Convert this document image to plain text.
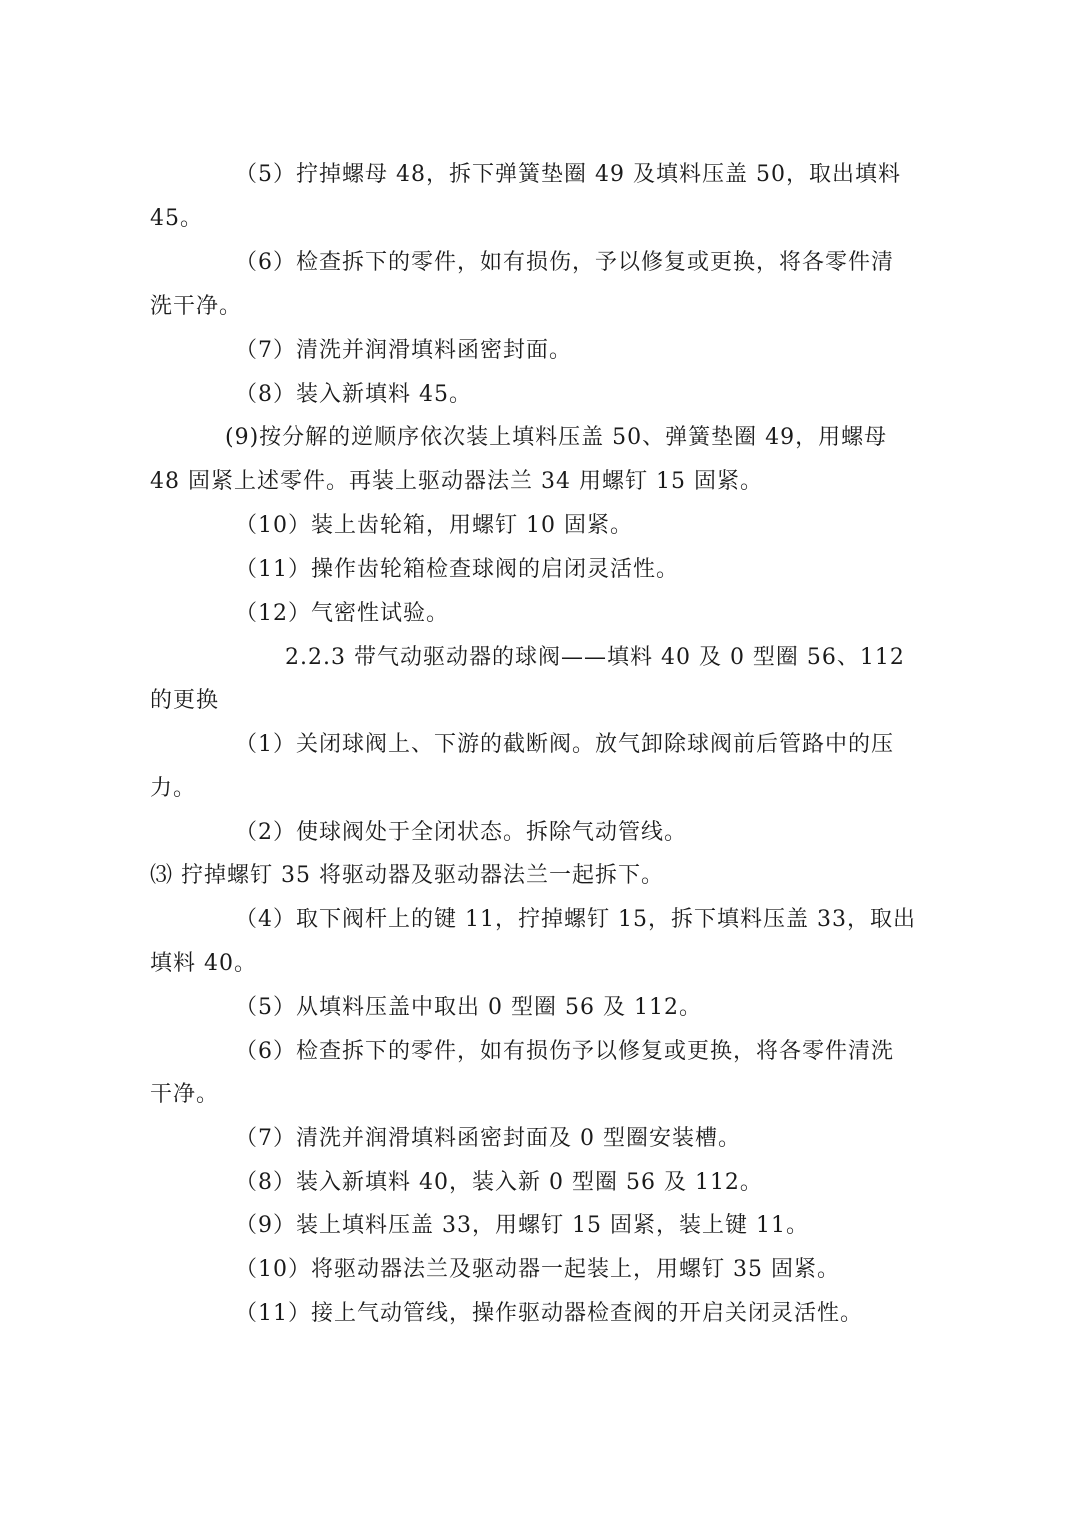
（5）拧掉螺母 48，拆下弹簧垫圈 49 及填料压盖 50，取出填料

45。

（6）检查拆下的零件，如有损伤，予以修复或更换，将各零件清

洗干净。

（7）清洗并润滑填料函密封面。

（8）装入新填料 45。

(9)按分解的逆顺序依次装上填料压盖 50、弹簧垫圈 49，用螺母

48 固紧上述零件。再装上驱动器法兰 34 用螺钉 15 固紧。

（10）装上齿轮箱，用螺钉 10 固紧。

（11）操作齿轮箱检查球阀的启闭灵活性。

（12）气密性试验。

2.2.3 带气动驱动器的球阀——填料 40 及 0 型圈 56、112

的更换

（1）关闭球阀上、下游的截断阀。放气卸除球阀前后管路中的压

力。

（2）使球阀处于全闭状态。拆除气动管线。

⑶ 拧掉螺钉 35 将驱动器及驱动器法兰一起拆下。

（4）取下阀杆上的键 11，拧掉螺钉 15，拆下填料压盖 33，取出

填料 40。

（5）从填料压盖中取出 0 型圈 56 及 112。

（6）检查拆下的零件，如有损伤予以修复或更换，将各零件清洗

干净。

（7）清洗并润滑填料函密封面及 0 型圈安装槽。

（8）装入新填料 40，装入新 0 型圈 56 及 112。

（9）装上填料压盖 33，用螺钉 15 固紧，装上键 11。

（10）将驱动器法兰及驱动器一起装上，用螺钉 35 固紧。

（11）接上气动管线，操作驱动器检查阀的开启关闭灵活性。
